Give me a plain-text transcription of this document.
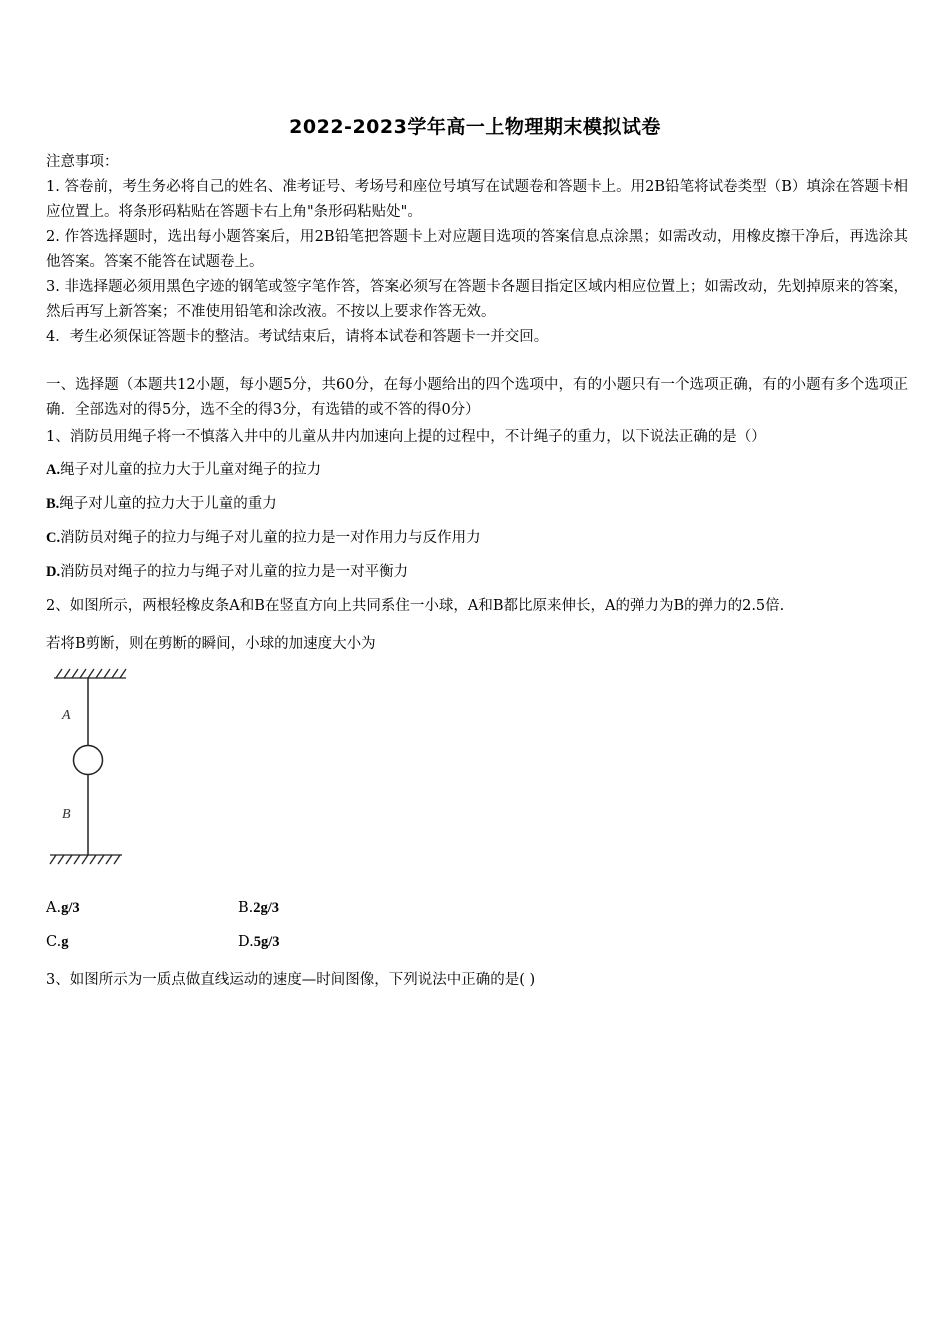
2022-2023学年高一上物理期末模拟试卷
注意事项：
1. 答卷前，考生务必将自己的姓名、准考证号、考场号和座位号填写在试题卷和答题卡上。用2B铅笔将试卷类型（B）填涂在答题卡相应位置上。将条形码粘贴在答题卡右上角"条形码粘贴处"。
2. 作答选择题时，选出每小题答案后，用2B铅笔把答题卡上对应题目选项的答案信息点涂黑；如需改动，用橡皮擦干净后，再选涂其他答案。答案不能答在试题卷上。
3. 非选择题必须用黑色字迹的钢笔或签字笔作答，答案必须写在答题卡各题目指定区域内相应位置上；如需改动，先划掉原来的答案，然后再写上新答案；不准使用铅笔和涂改液。不按以上要求作答无效。
4．考生必须保证答题卡的整洁。考试结束后，请将本试卷和答题卡一并交回。
一、选择题（本题共12小题，每小题5分，共60分，在每小题给出的四个选项中，有的小题只有一个选项正确，有的小题有多个选项正确．全部选对的得5分，选不全的得3分，有选错的或不答的得0分）
1、消防员用绳子将一不慎落入井中的儿童从井内加速向上提的过程中，不计绳子的重力，以下说法正确的是（）
A.绳子对儿童的拉力大于儿童对绳子的拉力
B.绳子对儿童的拉力大于儿童的重力
C.消防员对绳子的拉力与绳子对儿童的拉力是一对作用力与反作用力
D.消防员对绳子的拉力与绳子对儿童的拉力是一对平衡力
2、如图所示，两根轻橡皮条A和B在竖直方向上共同系住一小球，A和B都比原来伸长，A的弹力为B的弹力的2.5倍.
若将B剪断，则在剪断的瞬间，小球的加速度大小为
A
B
A.g/3	B.2g/3
C.g	D.5g/3
3、如图所示为一质点做直线运动的速度—时间图像，下列说法中正确的是( )
